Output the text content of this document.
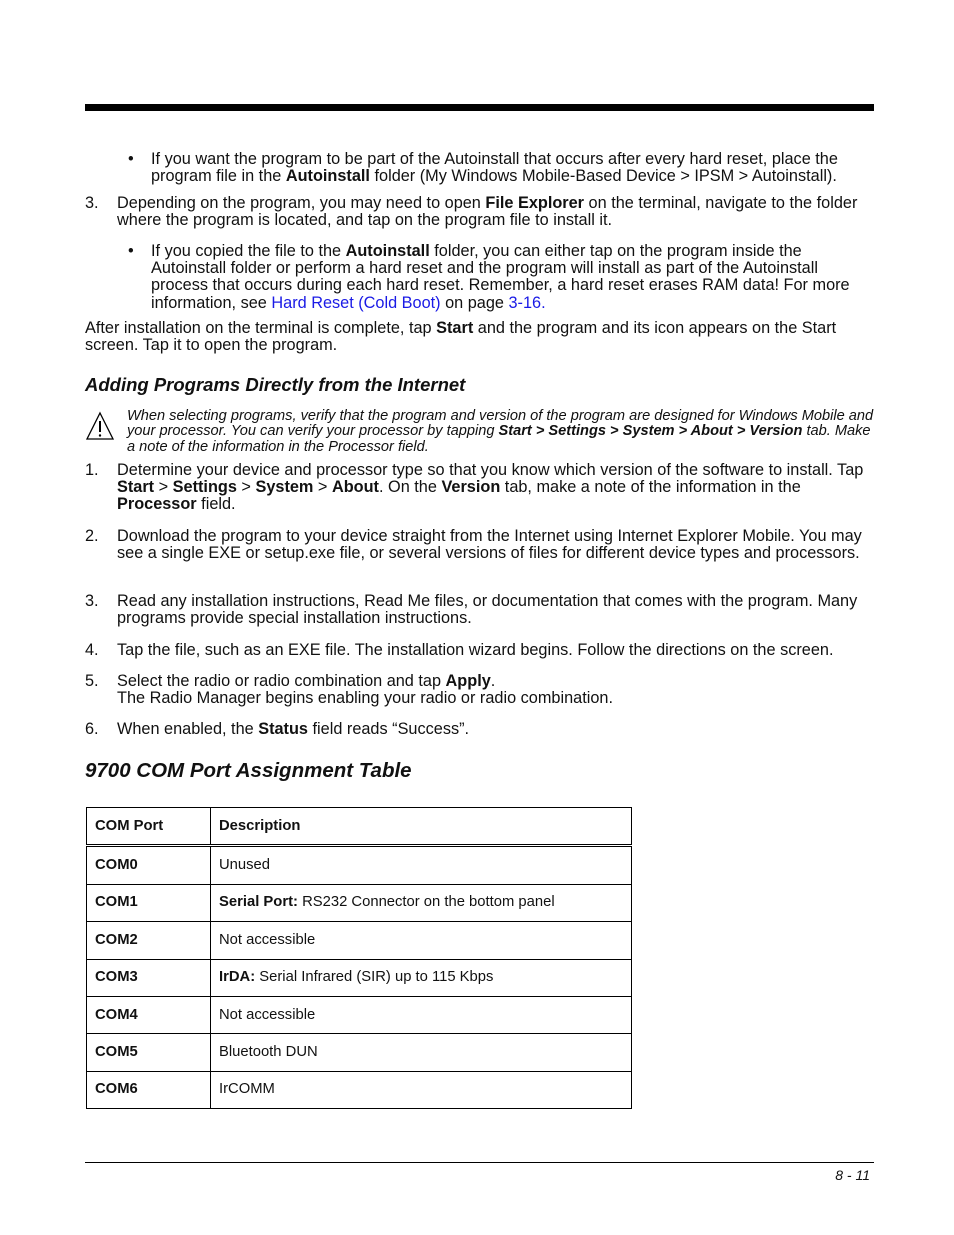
• If you want the program to be part of the Autoinstall that occurs after every hard reset, place the program file in the Autoinstall folder (My Windows Mobile-Based Device > IPSM > Autoinstall).
3. Depending on the program, you may need to open File Explorer on the terminal, navigate to the folder where the program is located, and tap on the program file to install it.
• If you copied the file to the Autoinstall folder, you can either tap on the program inside the Autoinstall folder or perform a hard reset and the program will install as part of the Autoinstall process that occurs during each hard reset. Remember, a hard reset erases RAM data! For more information, see Hard Reset (Cold Boot) on page 3-16.

After installation on the terminal is complete, tap Start and the program and its icon appears on the Start screen. Tap it to open the program.

Adding Programs Directly from the Internet
When selecting programs, verify that the program and version of the program are designed for Windows Mobile and your processor. You can verify your processor by tapping Start > Settings > System > About > Version tab. Make a note of the information in the Processor field.
1. Determine your device and processor type so that you know which version of the software to install. Tap Start > Settings > System > About. On the Version tab, make a note of the information in the Processor field.
2. Download the program to your device straight from the Internet using Internet Explorer Mobile. You may see a single EXE or setup.exe file, or several versions of files for different device types and processors.
3. Read any installation instructions, Read Me files, or documentation that comes with the program. Many programs provide special installation instructions.
4. Tap the file, such as an EXE file. The installation wizard begins. Follow the directions on the screen.
5. Select the radio or radio combination and tap Apply.
The Radio Manager begins enabling your radio or radio combination.
6. When enabled, the Status field reads “Success”.
9700 COM Port Assignment Table
COM Port	Description
COM0	Unused
COM1	Serial Port: RS232 Connector on the bottom panel
COM2	Not accessible
COM3	IrDA: Serial Infrared (SIR) up to 115 Kbps
COM4	Not accessible
COM5	Bluetooth DUN
COM6	IrCOMM
8 - 11
